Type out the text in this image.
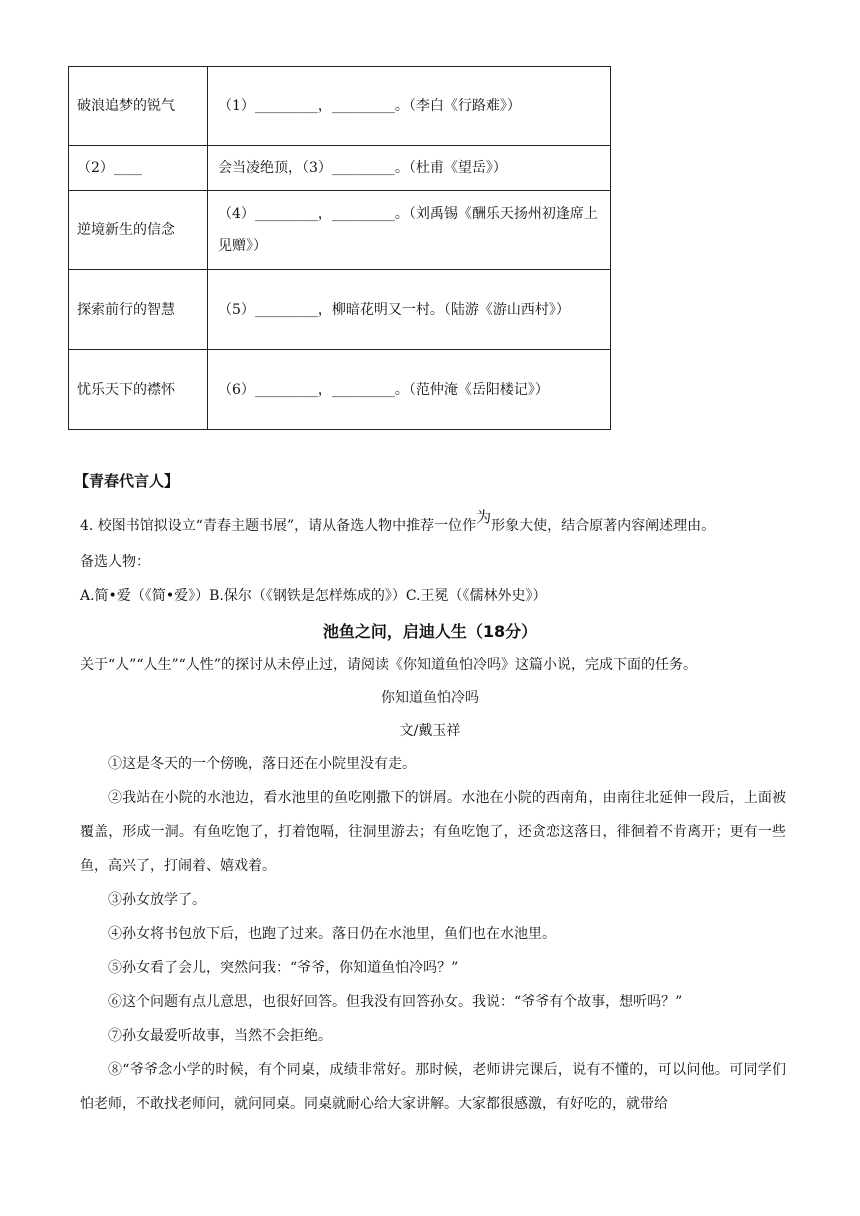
破浪追梦的锐气	（1）_________，_________。（李白《行路难》）
（2）____	会当凌绝顶，（3）_________。（杜甫《望岳》）
逆境新生的信念	（4）_________，_________。（刘禹锡《酬乐天扬州初逢席上见赠》）
探索前行的智慧	（5）_________，柳暗花明又一村。（陆游《游山西村》）
忧乐天下的襟怀	（6）_________，_________。（范仲淹《岳阳楼记》）
【青春代言人】
4. 校图书馆拟设立“青春主题书展”，请从备选人物中推荐一位作为形象大使，结合原著内容阐述理由。
备选人物：
A.简•爱（《简•爱》）B.保尔（《钢铁是怎样炼成的》）C.王冕（《儒林外史》）
池鱼之问，启迪人生（18分）
关于“人”“人生”“人性”的探讨从未停止过，请阅读《你知道鱼怕冷吗》这篇小说，完成下面的任务。
你知道鱼怕冷吗
文/戴玉祥
①这是冬天的一个傍晚，落日还在小院里没有走。
②我站在小院的水池边，看水池里的鱼吃刚撒下的饼屑。水池在小院的西南角，由南往北延伸一段后，上面被覆盖，形成一洞。有鱼吃饱了，打着饱嗝，往洞里游去；有鱼吃饱了，还贪恋这落日，徘徊着不肯离开；更有一些鱼，高兴了，打闹着、嬉戏着。
③孙女放学了。
④孙女将书包放下后，也跑了过来。落日仍在水池里，鱼们也在水池里。
⑤孙女看了会儿，突然问我：“爷爷，你知道鱼怕冷吗？”
⑥这个问题有点儿意思，也很好回答。但我没有回答孙女。我说：“爷爷有个故事，想听吗？”
⑦孙女最爱听故事，当然不会拒绝。
⑧“爷爷念小学的时候，有个同桌，成绩非常好。那时候，老师讲完课后，说有不懂的，可以问他。可同学们怕老师，不敢找老师问，就问同桌。同桌就耐心给大家讲解。大家都很感激，有好吃的，就带给
